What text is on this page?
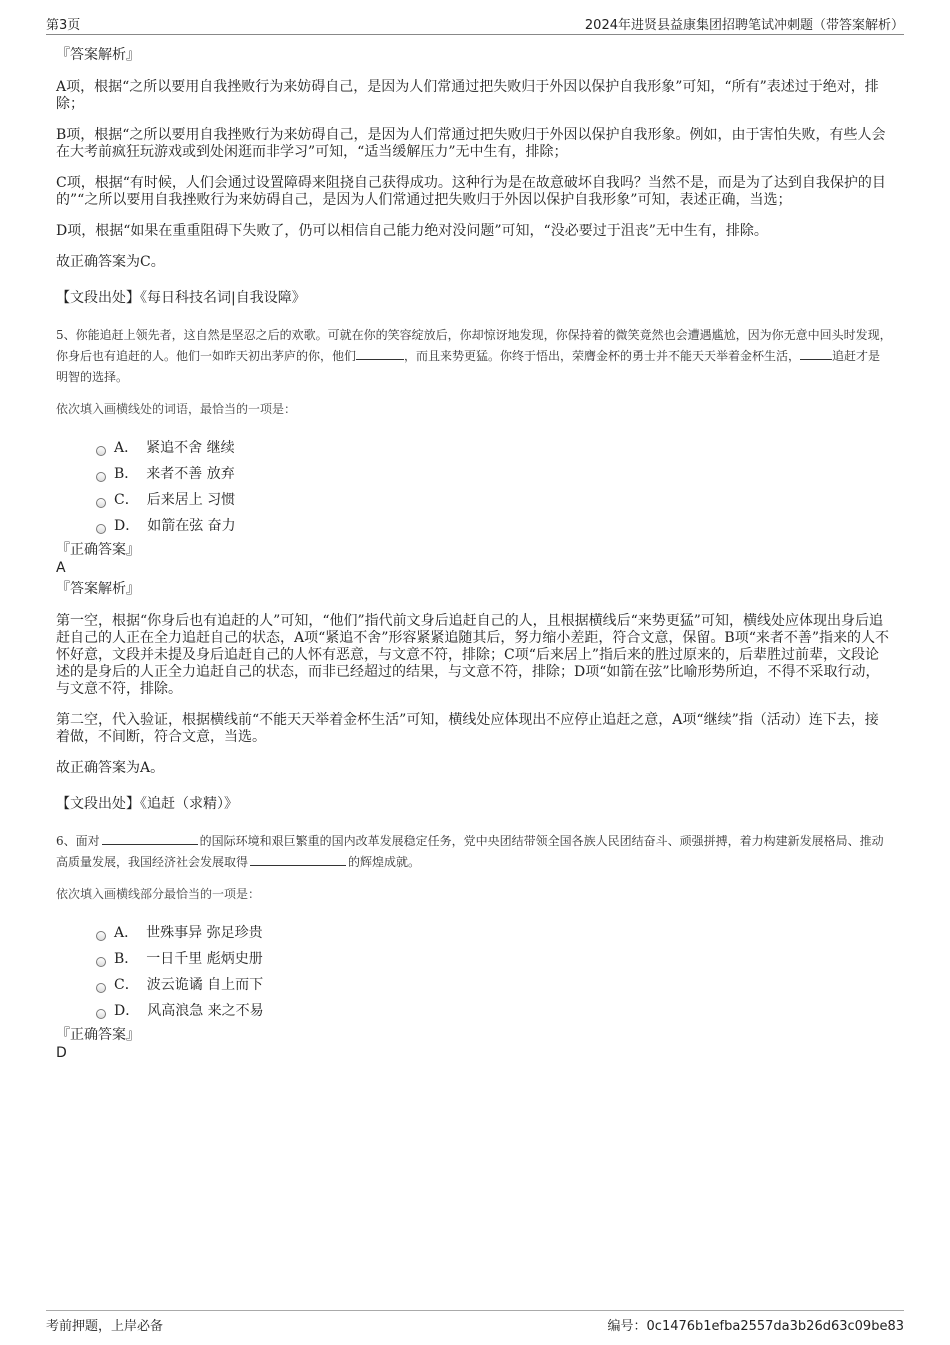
第3页	2024年进贤县益康集团招聘笔试冲刺题（带答案解析）

『答案解析』

A项，根据“之所以要用自我挫败行为来妨碍自己，是因为人们常通过把失败归于外因以保护自我形象”可知，“所有”表述过于绝对，排除；

B项，根据“之所以要用自我挫败行为来妨碍自己，是因为人们常通过把失败归于外因以保护自我形象。例如，由于害怕失败，有些人会在大考前疯狂玩游戏或到处闲逛而非学习”可知，“适当缓解压力”无中生有，排除；

C项，根据“有时候，人们会通过设置障碍来阻挠自己获得成功。这种行为是在故意破坏自我吗？当然不是，而是为了达到自我保护的目的”“之所以要用自我挫败行为来妨碍自己，是因为人们常通过把失败归于外因以保护自我形象”可知，表述正确，当选；

D项，根据“如果在重重阻碍下失败了，仍可以相信自己能力绝对没问题”可知，“没必要过于沮丧”无中生有，排除。

故正确答案为C。

【文段出处】《每日科技名词|自我设障》

5、你能追赶上领先者，这自然是坚忍之后的欢歌。可就在你的笑容绽放后，你却惊讶地发现，你保持着的微笑竟然也会遭遇尴尬，因为你无意中回头时发现，你身后也有追赶的人。他们一如昨天初出茅庐的你，他们	，而且来势更猛。你终于悟出，荣膺金杯的勇士并不能天天举着金杯生活，	追赶才是明智的选择。

依次填入画横线处的词语，最恰当的一项是：

A． 紧追不舍 继续
B． 来者不善 放弃
C． 后来居上 习惯
D． 如箭在弦 奋力

『正确答案』

A

『答案解析』

第一空，根据“你身后也有追赶的人”可知，“他们”指代前文身后追赶自己的人，且根据横线后“来势更猛”可知，横线处应体现出身后追赶自己的人正在全力追赶自己的状态，A项“紧追不舍”形容紧紧追随其后，努力缩小差距，符合文意，保留。B项“来者不善”指来的人不怀好意，文段并未提及身后追赶自己的人怀有恶意，与文意不符，排除；C项“后来居上”指后来的胜过原来的，后辈胜过前辈，文段论述的是身后的人正全力追赶自己的状态，而非已经超过的结果，与文意不符，排除；D项“如箭在弦”比喻形势所迫，不得不采取行动，与文意不符，排除。

第二空，代入验证，根据横线前“不能天天举着金杯生活”可知，横线处应体现出不应停止追赶之意，A项“继续”指（活动）连下去，接着做，不间断，符合文意，当选。

故正确答案为A。

【文段出处】《追赶（求精）》

6、面对	的国际环境和艰巨繁重的国内改革发展稳定任务，党中央团结带领全国各族人民团结奋斗、顽强拼搏，着力构建新发展格局、推动高质量发展，我国经济社会发展取得	的辉煌成就。

依次填入画横线部分最恰当的一项是：

A． 世殊事异 弥足珍贵
B． 一日千里 彪炳史册
C． 波云诡谲 自上而下
D． 风高浪急 来之不易

『正确答案』

D

考前押题，上岸必备	编号：0c1476b1efba2557da3b26d63c09be83
